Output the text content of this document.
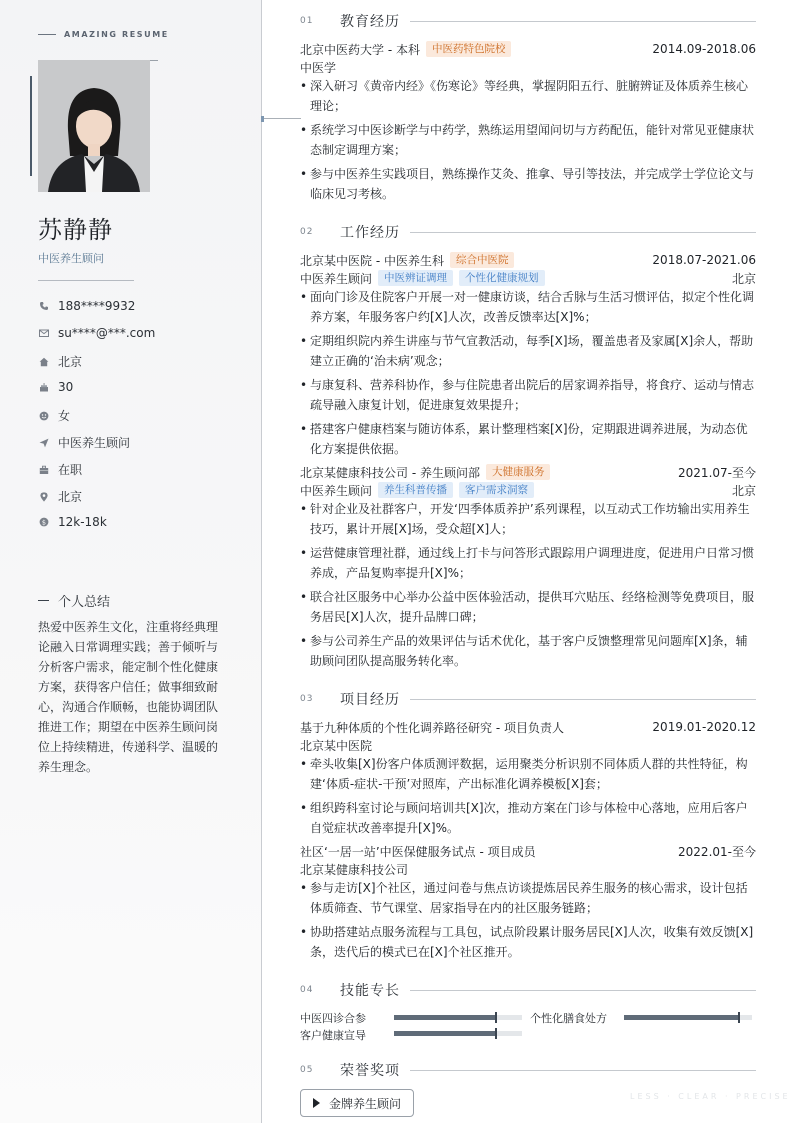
AMAZING RESUME
苏静静
中医养生顾问
188****9932
su****@***.com
北京
30
女
中医养生顾问
在职
北京
$ 12k-18k
个人总结
热爱中医养生文化，注重将经典理论融入日常调理实践；善于倾听与分析客户需求，能定制个性化健康方案，获得客户信任；做事细致耐心，沟通合作顺畅，也能协调团队推进工作；期望在中医养生顾问岗位上持续精进，传递科学、温暖的养生理念。
01	教育经历
北京中医药大学 - 本科	中医药特色院校	2014.09-2018.06
中医学
• 深入研习《黄帝内经》《伤寒论》等经典，掌握阴阳五行、脏腑辨证及体质养生核心理论；
• 系统学习中医诊断学与中药学，熟练运用望闻问切与方药配伍，能针对常见亚健康状态制定调理方案；
• 参与中医养生实践项目，熟练操作艾灸、推拿、导引等技法，并完成学士学位论文与临床见习考核。
02	工作经历
北京某中医院 - 中医养生科	综合中医院	2018.07-2021.06
中医养生顾问	中医辨证调理	个性化健康规划	北京
• 面向门诊及住院客户开展一对一健康访谈，结合舌脉与生活习惯评估，拟定个性化调养方案，年服务客户约[X]人次，改善反馈率达[X]%；
• 定期组织院内养生讲座与节气宣教活动，每季[X]场，覆盖患者及家属[X]余人，帮助建立正确的‘治未病’观念；
• 与康复科、营养科协作，参与住院患者出院后的居家调养指导，将食疗、运动与情志疏导融入康复计划，促进康复效果提升；
• 搭建客户健康档案与随访体系，累计整理档案[X]份，定期跟进调养进展，为动态优化方案提供依据。
北京某健康科技公司 - 养生顾问部	大健康服务	2021.07-至今
中医养生顾问	养生科普传播	客户需求洞察	北京
• 针对企业及社群客户，开发‘四季体质养护’系列课程，以互动式工作坊输出实用养生技巧，累计开展[X]场，受众超[X]人；
• 运营健康管理社群，通过线上打卡与问答形式跟踪用户调理进度，促进用户日常习惯养成，产品复购率提升[X]%；
• 联合社区服务中心举办公益中医体验活动，提供耳穴贴压、经络检测等免费项目，服务居民[X]人次，提升品牌口碑；
• 参与公司养生产品的效果评估与话术优化，基于客户反馈整理常见问题库[X]条，辅助顾问团队提高服务转化率。
03	项目经历
基于九种体质的个性化调养路径研究 - 项目负责人	2019.01-2020.12
北京某中医院
• 牵头收集[X]份客户体质测评数据，运用聚类分析识别不同体质人群的共性特征，构建‘体质-症状-干预’对照库，产出标准化调养模板[X]套；
• 组织跨科室讨论与顾问培训共[X]次，推动方案在门诊与体检中心落地，应用后客户自觉症状改善率提升[X]%。
社区‘一居一站’中医保健服务试点 - 项目成员	2022.01-至今
北京某健康科技公司
• 参与走访[X]个社区，通过问卷与焦点访谈提炼居民养生服务的核心需求，设计包括体质筛查、节气课堂、居家指导在内的社区服务链路；
• 协助搭建站点服务流程与工具包，试点阶段累计服务居民[X]人次，收集有效反馈[X]条，迭代后的模式已在[X]个社区推开。
04	技能专长
中医四诊合参	个性化膳食处方
客户健康宣导
05	荣誉奖项
金牌养生顾问	LESS · CLEAR · PRECISE
